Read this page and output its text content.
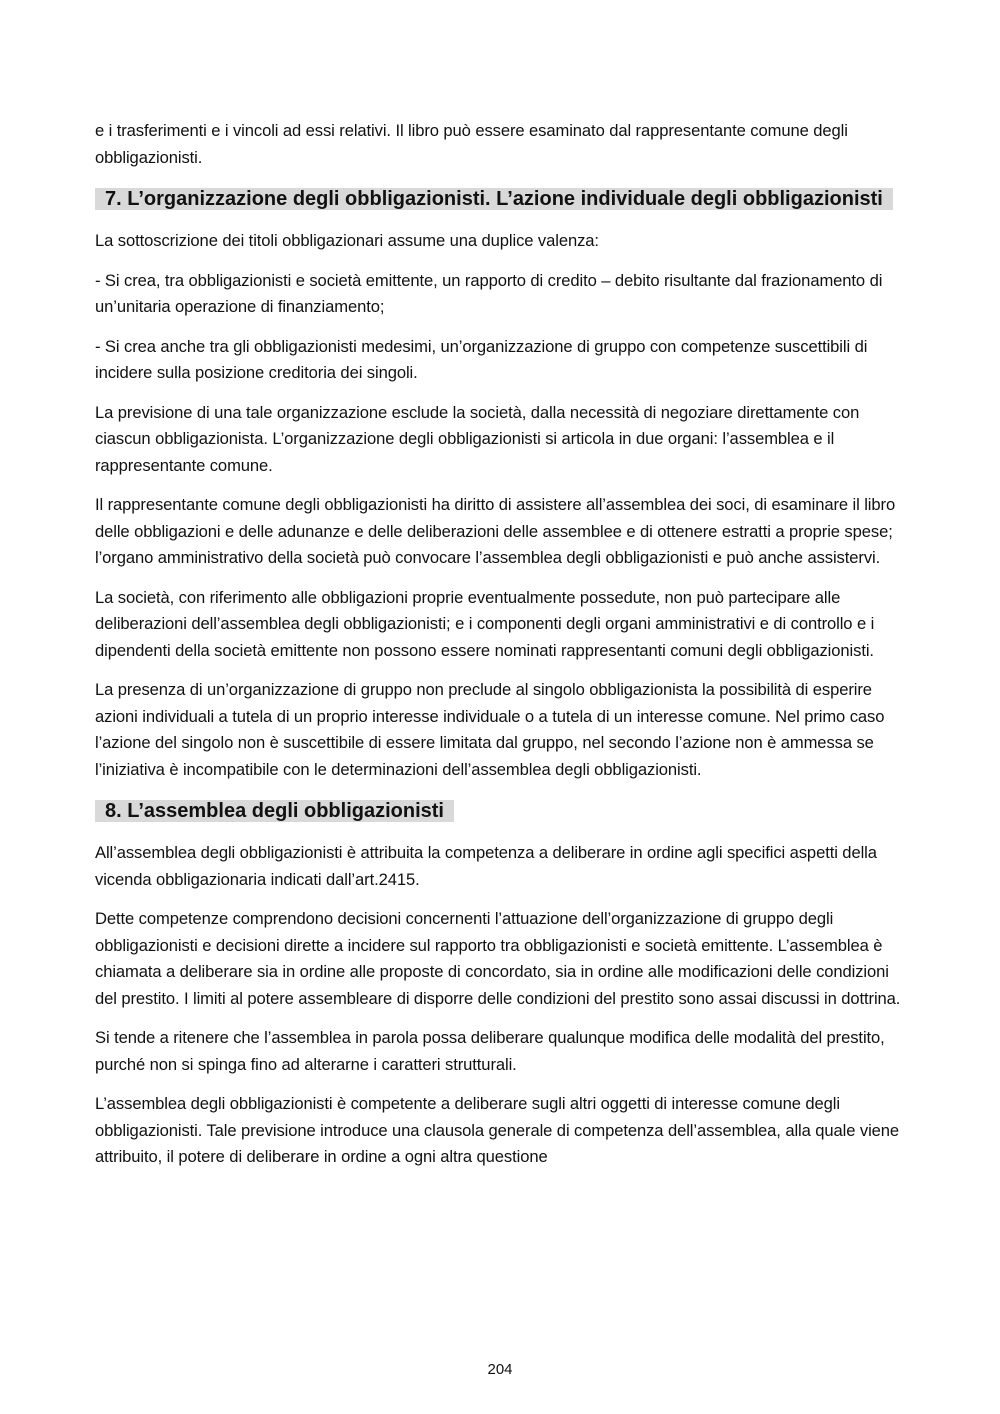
e i trasferimenti e i vincoli ad essi relativi. Il libro può essere esaminato dal rappresentante comune degli obbligazionisti.

7. L’organizzazione degli obbligazionisti. L’azione individuale degli obbligazionisti

La sottoscrizione dei titoli obbligazionari assume una duplice valenza:

- Si crea, tra obbligazionisti e società emittente, un rapporto di credito – debito risultante dal frazionamento di un’unitaria operazione di finanziamento;

- Si crea anche tra gli obbligazionisti medesimi, un’organizzazione di gruppo con competenze suscettibili di incidere sulla posizione creditoria dei singoli.

La previsione di una tale organizzazione esclude la società, dalla necessità di negoziare direttamente con ciascun obbligazionista. L’organizzazione degli obbligazionisti si articola in due organi: l’assemblea e il rappresentante comune.

Il rappresentante comune degli obbligazionisti ha diritto di assistere all’assemblea dei soci, di esaminare il libro delle obbligazioni e delle adunanze e delle deliberazioni delle assemblee e di ottenere estratti a proprie spese; l’organo amministrativo della società può convocare l’assemblea degli obbligazionisti e può anche assistervi.

La società, con riferimento alle obbligazioni proprie eventualmente possedute, non può partecipare alle deliberazioni dell’assemblea degli obbligazionisti; e i componenti degli organi amministrativi e di controllo e i dipendenti della società emittente non possono essere nominati rappresentanti comuni degli obbligazionisti.

La presenza di un’organizzazione di gruppo non preclude al singolo obbligazionista la possibilità di esperire azioni individuali a tutela di un proprio interesse individuale o a tutela di un interesse comune. Nel primo caso l’azione del singolo non è suscettibile di essere limitata dal gruppo, nel secondo l’azione non è ammessa se l’iniziativa è incompatibile con le determinazioni dell’assemblea degli obbligazionisti.

8. L’assemblea degli obbligazionisti

All’assemblea degli obbligazionisti è attribuita la competenza a deliberare in ordine agli specifici aspetti della vicenda obbligazionaria indicati dall’art.2415.

Dette competenze comprendono decisioni concernenti l’attuazione dell’organizzazione di gruppo degli obbligazionisti e decisioni dirette a incidere sul rapporto tra obbligazionisti e società emittente. L’assemblea è chiamata a deliberare sia in ordine alle proposte di concordato, sia in ordine alle modificazioni delle condizioni del prestito. I limiti al potere assembleare di disporre delle condizioni del prestito sono assai discussi in dottrina.

Si tende a ritenere che l’assemblea in parola possa deliberare qualunque modifica delle modalità del prestito, purché non si spinga fino ad alterarne i caratteri strutturali.

L’assemblea degli obbligazionisti è competente a deliberare sugli altri oggetti di interesse comune degli obbligazionisti. Tale previsione introduce una clausola generale di competenza dell’assemblea, alla quale viene attribuito, il potere di deliberare in ordine a ogni altra questione

204
